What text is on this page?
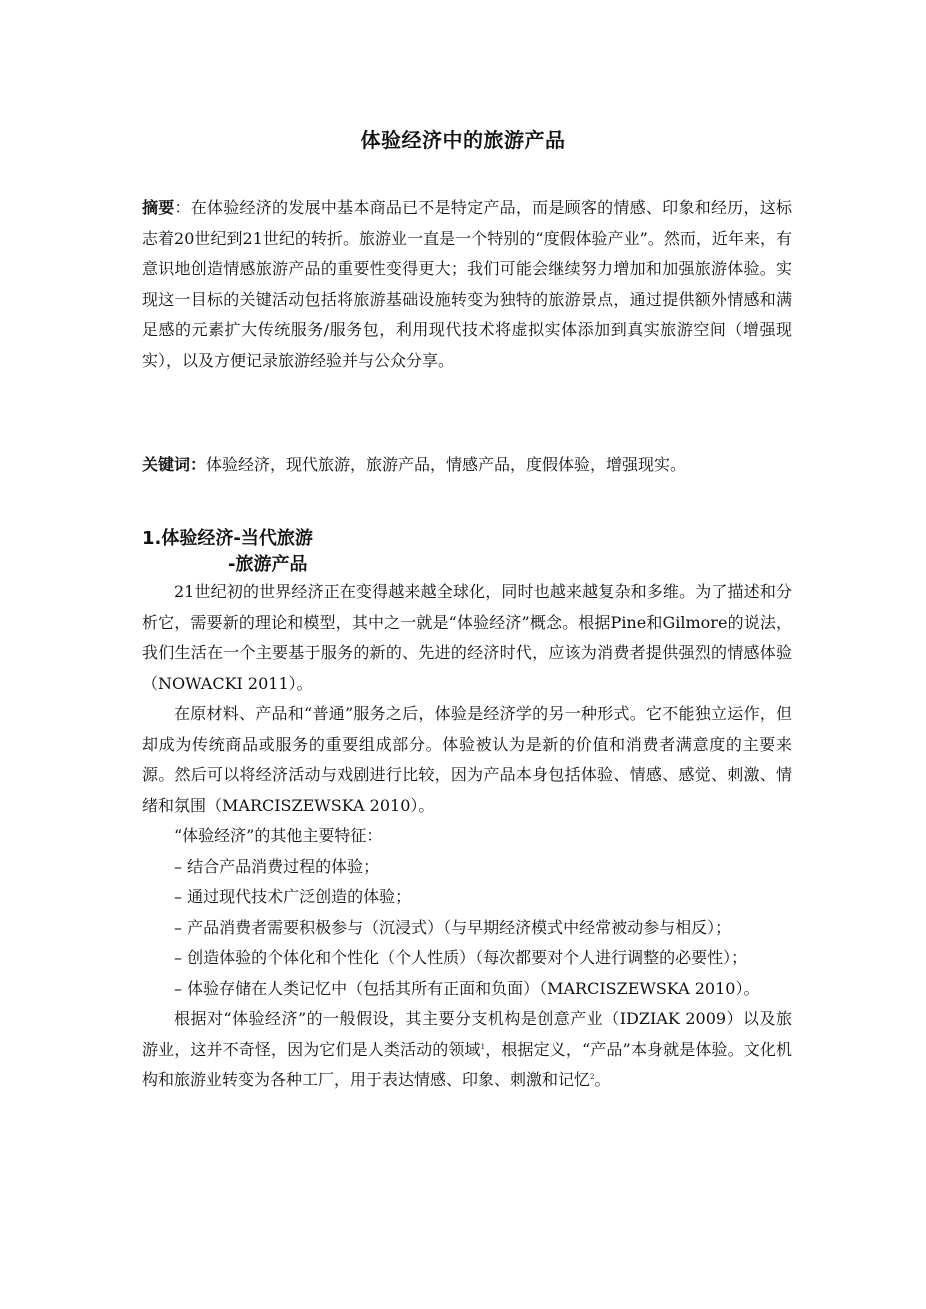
体验经济中的旅游产品
摘要：在体验经济的发展中基本商品已不是特定产品，而是顾客的情感、印象和经历，这标志着20世纪到21世纪的转折。旅游业一直是一个特别的“度假体验产业”。然而，近年来，有意识地创造情感旅游产品的重要性变得更大；我们可能会继续努力增加和加强旅游体验。实现这一目标的关键活动包括将旅游基础设施转变为独特的旅游景点，通过提供额外情感和满足感的元素扩大传统服务/服务包，利用现代技术将虚拟实体添加到真实旅游空间（增强现实），以及方便记录旅游经验并与公众分享。
关键词：体验经济，现代旅游，旅游产品，情感产品，度假体验，增强现实。
1.体验经济-当代旅游
-旅游产品

21世纪初的世界经济正在变得越来越全球化，同时也越来越复杂和多维。为了描述和分析它，需要新的理论和模型，其中之一就是“体验经济”概念。根据Pine和Gilmore的说法，我们生活在一个主要基于服务的新的、先进的经济时代，应该为消费者提供强烈的情感体验（NOWACKI 2011）。

在原材料、产品和“普通”服务之后，体验是经济学的另一种形式。它不能独立运作，但却成为传统商品或服务的重要组成部分。体验被认为是新的价值和消费者满意度的主要来源。然后可以将经济活动与戏剧进行比较，因为产品本身包括体验、情感、感觉、刺激、情绪和氛围（MARCISZEWSKA 2010）。

“体验经济”的其他主要特征：

– 结合产品消费过程的体验；
– 通过现代技术广泛创造的体验；
– 产品消费者需要积极参与（沉浸式）（与早期经济模式中经常被动参与相反）；
– 创造体验的个体化和个性化（个人性质）（每次都要对个人进行调整的必要性）；
– 体验存储在人类记忆中（包括其所有正面和负面）（MARCISZEWSKA 2010）。

根据对“体验经济”的一般假设，其主要分支机构是创意产业（IDZIAK 2009）以及旅游业，这并不奇怪，因为它们是人类活动的领域$^1$，根据定义，“产品”本身就是体验。文化机构和旅游业转变为各种工厂，用于表达情感、印象、刺激和记忆$^2$。
